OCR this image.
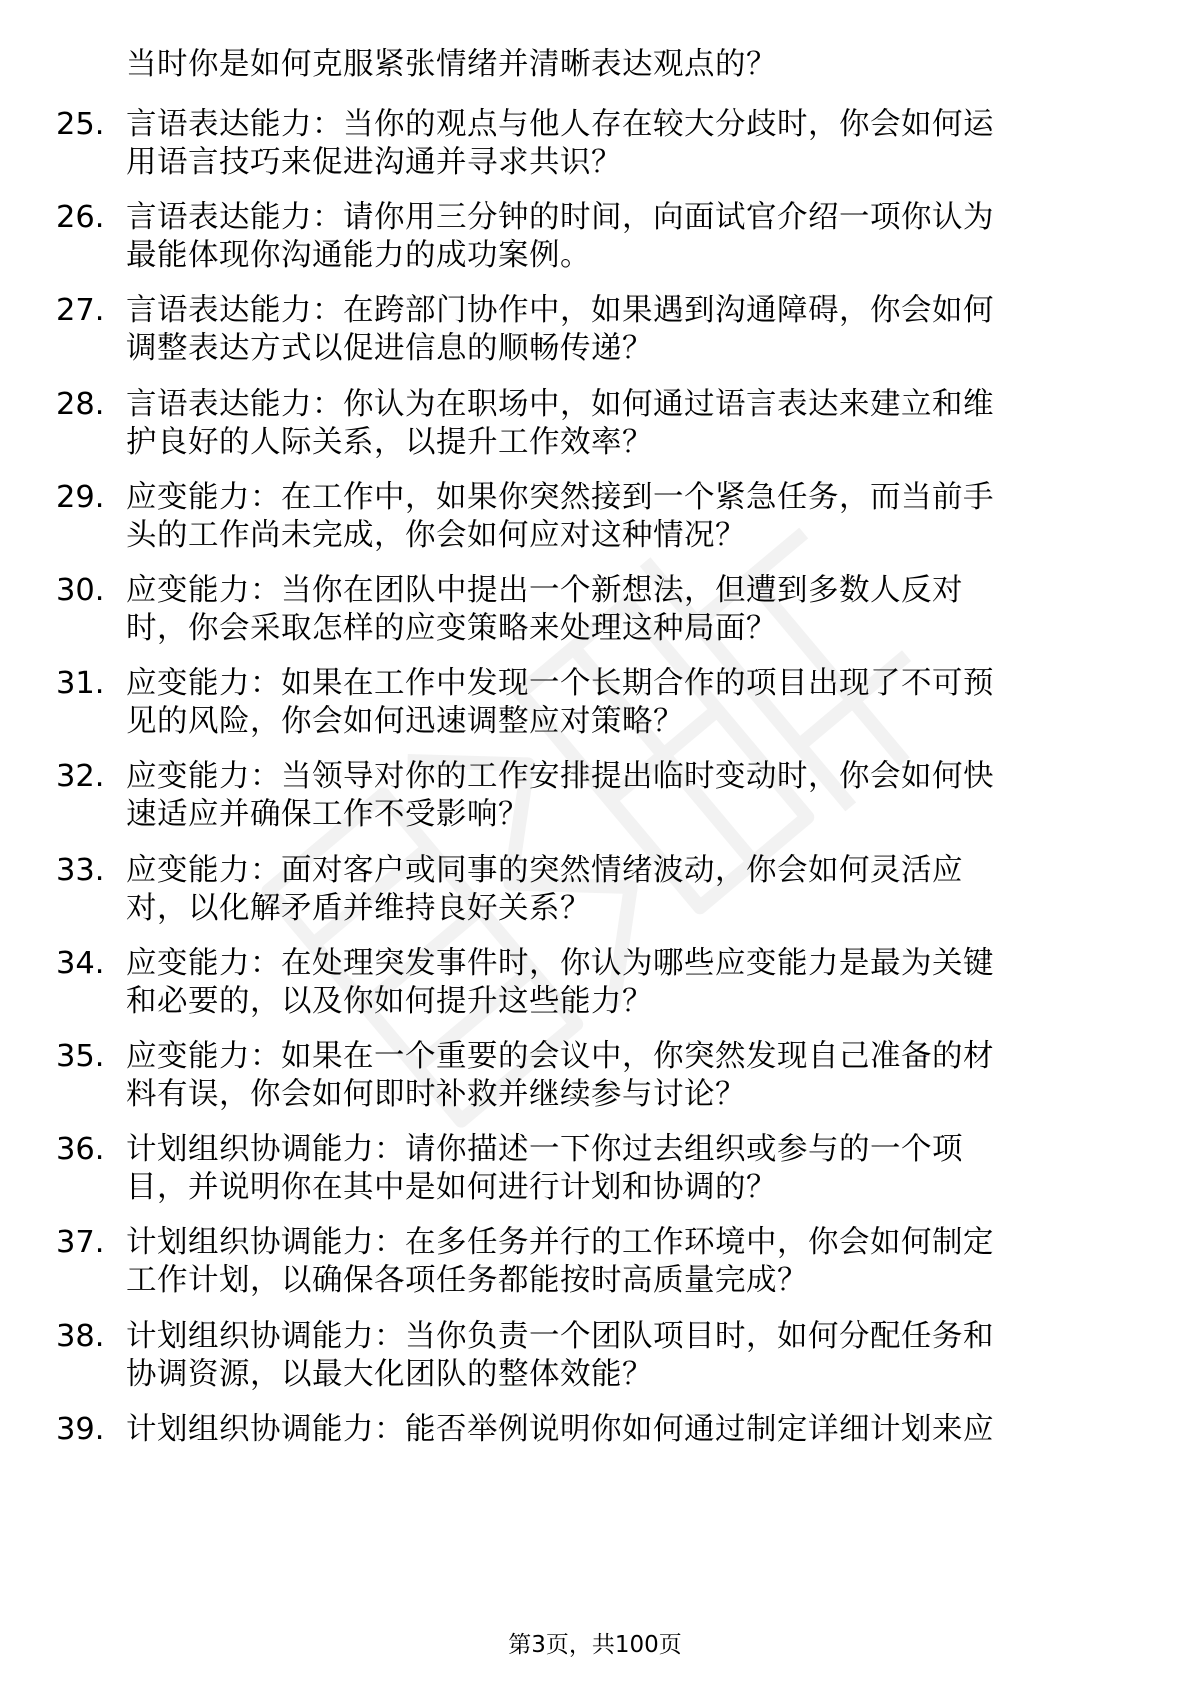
当时你是如何克服紧张情绪并清晰表达观点的？
25. 言语表达能力：当你的观点与他人存在较大分歧时，你会如何运
用语言技巧来促进沟通并寻求共识？
26. 言语表达能力：请你用三分钟的时间，向面试官介绍一项你认为
最能体现你沟通能力的成功案例。
27. 言语表达能力：在跨部门协作中，如果遇到沟通障碍，你会如何
调整表达方式以促进信息的顺畅传递？
28. 言语表达能力：你认为在职场中，如何通过语言表达来建立和维
护良好的人际关系，以提升工作效率？
29. 应变能力：在工作中，如果你突然接到一个紧急任务，而当前手
头的工作尚未完成，你会如何应对这种情况？
30. 应变能力：当你在团队中提出一个新想法，但遭到多数人反对
时，你会采取怎样的应变策略来处理这种局面？
31. 应变能力：如果在工作中发现一个长期合作的项目出现了不可预
见的风险，你会如何迅速调整应对策略？
32. 应变能力：当领导对你的工作安排提出临时变动时，你会如何快
速适应并确保工作不受影响？
33. 应变能力：面对客户或同事的突然情绪波动，你会如何灵活应
对，以化解矛盾并维持良好关系？
34. 应变能力：在处理突发事件时，你认为哪些应变能力是最为关键
和必要的，以及你如何提升这些能力？
35. 应变能力：如果在一个重要的会议中，你突然发现自己准备的材
料有误，你会如何即时补救并继续参与讨论？
36. 计划组织协调能力：请你描述一下你过去组织或参与的一个项
目，并说明你在其中是如何进行计划和协调的？
37. 计划组织协调能力：在多任务并行的工作环境中，你会如何制定
工作计划，以确保各项任务都能按时高质量完成？
38. 计划组织协调能力：当你负责一个团队项目时，如何分配任务和
协调资源，以最大化团队的整体效能？
39. 计划组织协调能力：能否举例说明你如何通过制定详细计划来应
第3页，共100页
